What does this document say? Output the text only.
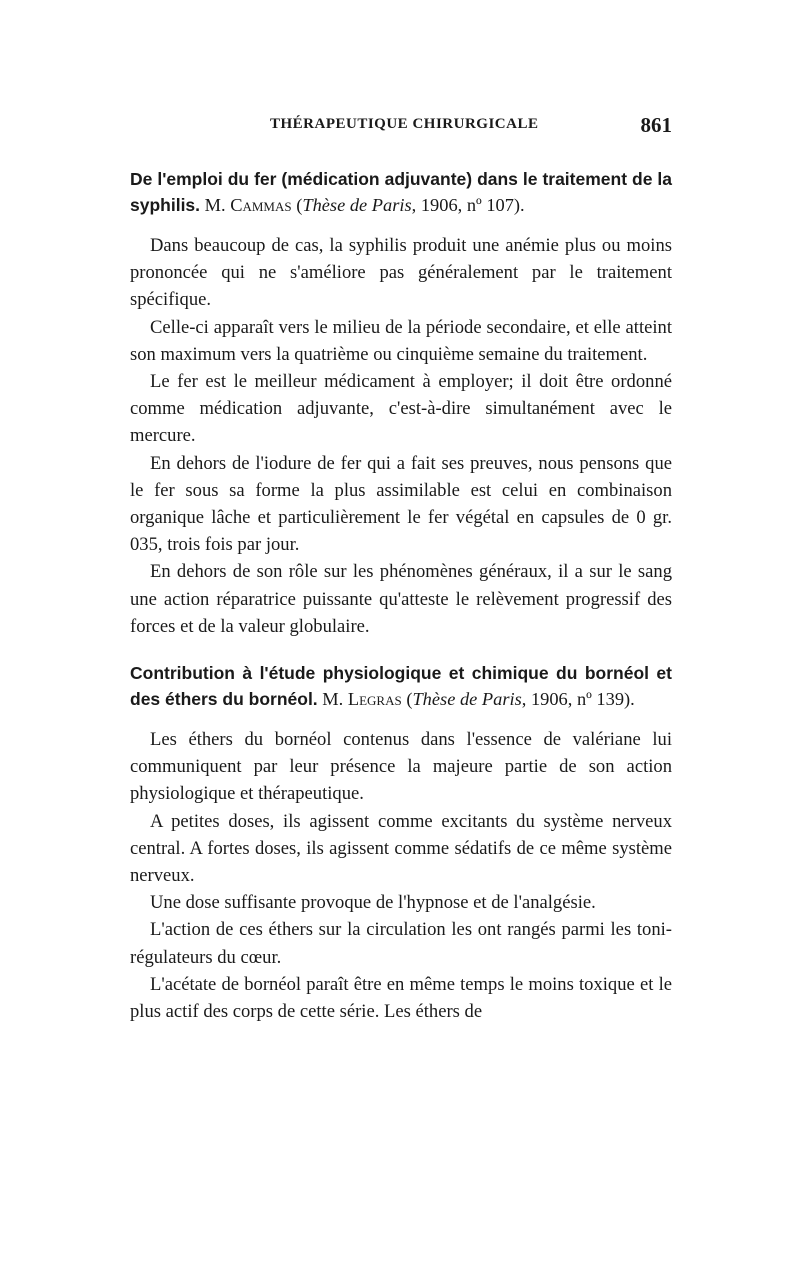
THÉRAPEUTIQUE CHIRURGICALE	861

De l'emploi du fer (médication adjuvante) dans le traitement de la syphilis. M. Cammas (Thèse de Paris, 1906, nº 107).

Dans beaucoup de cas, la syphilis produit une anémie plus ou moins prononcée qui ne s'améliore pas généralement par le traitement spécifique.

Celle-ci apparaît vers le milieu de la période secondaire, et elle atteint son maximum vers la quatrième ou cinquième semaine du traitement.

Le fer est le meilleur médicament à employer; il doit être ordonné comme médication adjuvante, c'est-à-dire simultanément avec le mercure.

En dehors de l'iodure de fer qui a fait ses preuves, nous pensons que le fer sous sa forme la plus assimilable est celui en combinaison organique lâche et particulièrement le fer végétal en capsules de 0 gr. 035, trois fois par jour.

En dehors de son rôle sur les phénomènes généraux, il a sur le sang une action réparatrice puissante qu'atteste le relèvement progressif des forces et de la valeur globulaire.

Contribution à l'étude physiologique et chimique du bornéol et des éthers du bornéol. M. Legras (Thèse de Paris, 1906, nº 139).

Les éthers du bornéol contenus dans l'essence de valériane lui communiquent par leur présence la majeure partie de son action physiologique et thérapeutique.

A petites doses, ils agissent comme excitants du système nerveux central. A fortes doses, ils agissent comme sédatifs de ce même système nerveux.

Une dose suffisante provoque de l'hypnose et de l'analgésie.

L'action de ces éthers sur la circulation les ont rangés parmi les toni-régulateurs du cœur.

L'acétate de bornéol paraît être en même temps le moins toxique et le plus actif des corps de cette série. Les éthers de
